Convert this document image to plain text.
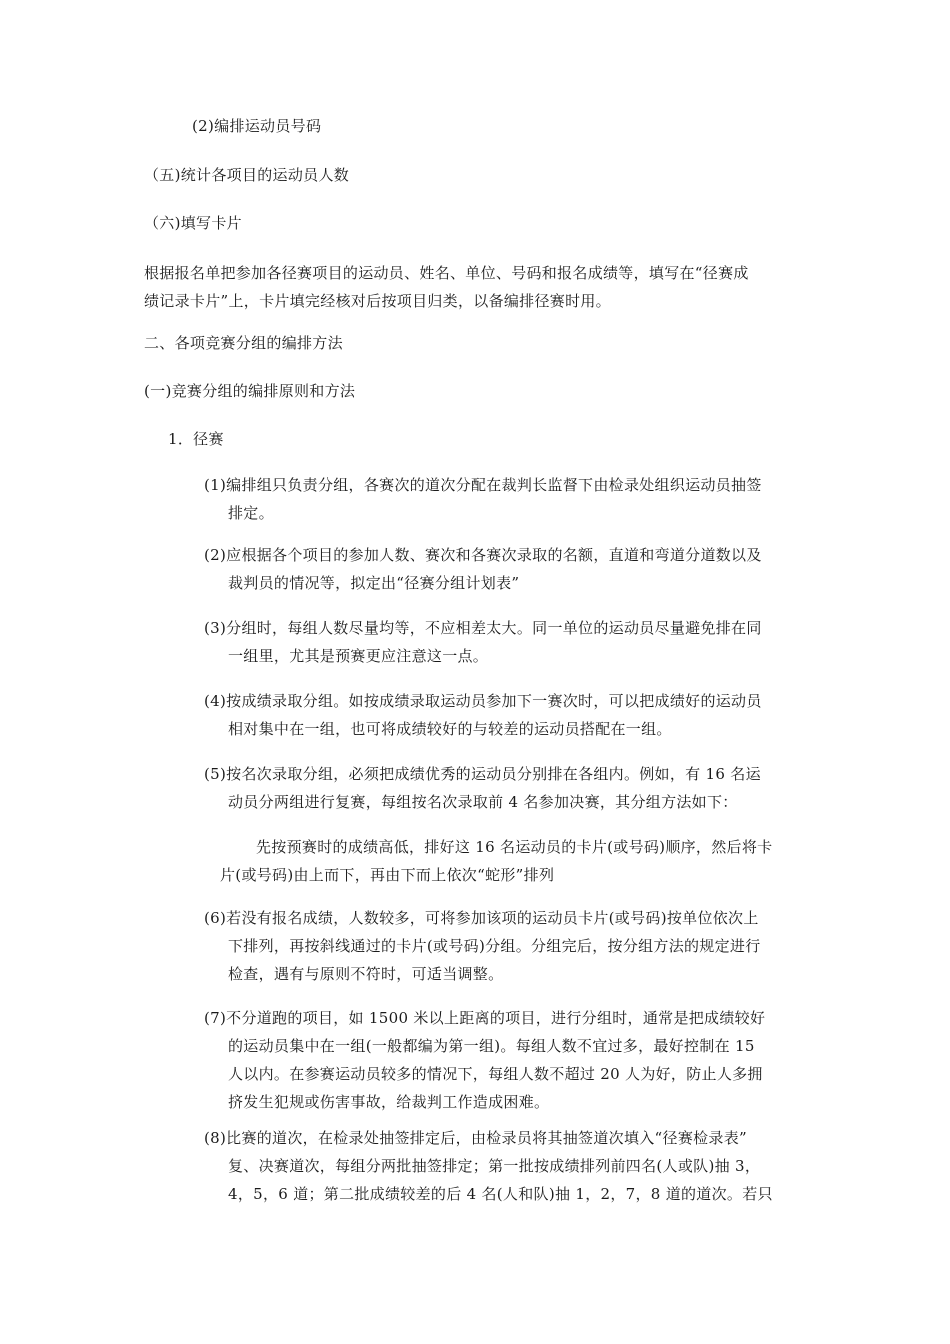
(2)编排运动员号码
（五)统计各项目的运动员人数
（六)填写卡片
根据报名单把参加各径赛项目的运动员、姓名、单位、号码和报名成绩等，填写在“径赛成
绩记录卡片”上，卡片填完经核对后按项目归类，以备编排径赛时用。
二、各项竞赛分组的编排方法
(一)竞赛分组的编排原则和方法
1．径赛
(1)编排组只负责分组，各赛次的道次分配在裁判长监督下由检录处组织运动员抽签
排定。
(2)应根据各个项目的参加人数、赛次和各赛次录取的名额，直道和弯道分道数以及
裁判员的情况等，拟定出“径赛分组计划表”
(3)分组时，每组人数尽量均等，不应相差太大。同一单位的运动员尽量避免排在同
一组里，尤其是预赛更应注意这一点。
(4)按成绩录取分组。如按成绩录取运动员参加下一赛次时，可以把成绩好的运动员
相对集中在一组，也可将成绩较好的与较差的运动员搭配在一组。
(5)按名次录取分组，必须把成绩优秀的运动员分别排在各组内。例如，有 16 名运
动员分两组进行复赛，每组按名次录取前 4 名参加决赛，其分组方法如下：
先按预赛时的成绩高低，排好这 16 名运动员的卡片(或号码)顺序，然后将卡
片(或号码)由上而下，再由下而上依次“蛇形”排列
(6)若没有报名成绩，人数较多，可将参加该项的运动员卡片(或号码)按单位依次上
下排列，再按斜线通过的卡片(或号码)分组。分组完后，按分组方法的规定进行
检查，遇有与原则不符时，可适当调整。
(7)不分道跑的项目，如 1500 米以上距离的项目，进行分组时，通常是把成绩较好
的运动员集中在一组(一般都编为第一组)。每组人数不宜过多，最好控制在 15
人以内。在参赛运动员较多的情况下，每组人数不超过 20 人为好，防止人多拥
挤发生犯规或伤害事故，给裁判工作造成困难。
(8)比赛的道次，在检录处抽签排定后，由检录员将其抽签道次填入“径赛检录表”
复、决赛道次，每组分两批抽签排定；第一批按成绩排列前四名(人或队)抽 3，
4，5，6 道；第二批成绩较差的后 4 名(人和队)抽 1，2，7，8 道的道次。若只
